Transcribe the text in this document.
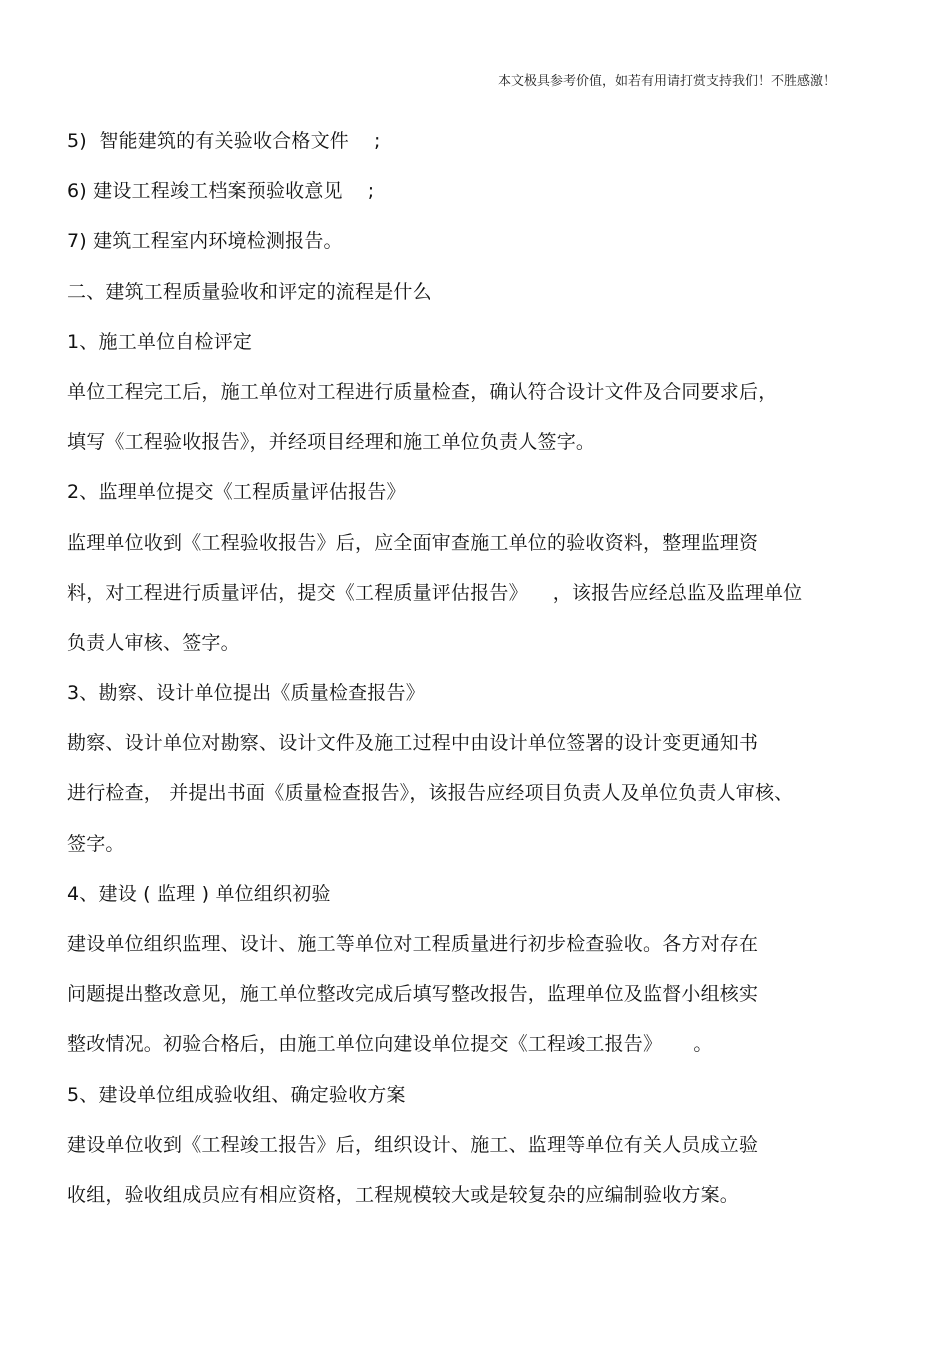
本文极具参考价值，如若有用请打赏支持我们！不胜感激！
5)  智能建筑的有关验收合格文件    ;
6) 建设工程竣工档案预验收意见    ;
7) 建筑工程室内环境检测报告。
二、建筑工程质量验收和评定的流程是什么
1、施工单位自检评定
单位工程完工后，施工单位对工程进行质量检查，确认符合设计文件及合同要求后，
填写《工程验收报告》，并经项目经理和施工单位负责人签字。
2、监理单位提交《工程质量评估报告》
监理单位收到《工程验收报告》后，应全面审查施工单位的验收资料，整理监理资
料，对工程进行质量评估，提交《工程质量评估报告》    ，该报告应经总监及监理单位
负责人审核、签字。
3、勘察、设计单位提出《质量检查报告》
勘察、设计单位对勘察、设计文件及施工过程中由设计单位签署的设计变更通知书
进行检查， 并提出书面《质量检查报告》，该报告应经项目负责人及单位负责人审核、
签字。
4、建设 ( 监理 ) 单位组织初验
建设单位组织监理、设计、施工等单位对工程质量进行初步检查验收。各方对存在
问题提出整改意见，施工单位整改完成后填写整改报告，监理单位及监督小组核实
整改情况。初验合格后，由施工单位向建设单位提交《工程竣工报告》     。
5、建设单位组成验收组、确定验收方案
建设单位收到《工程竣工报告》后，组织设计、施工、监理等单位有关人员成立验
收组，验收组成员应有相应资格，工程规模较大或是较复杂的应编制验收方案。
